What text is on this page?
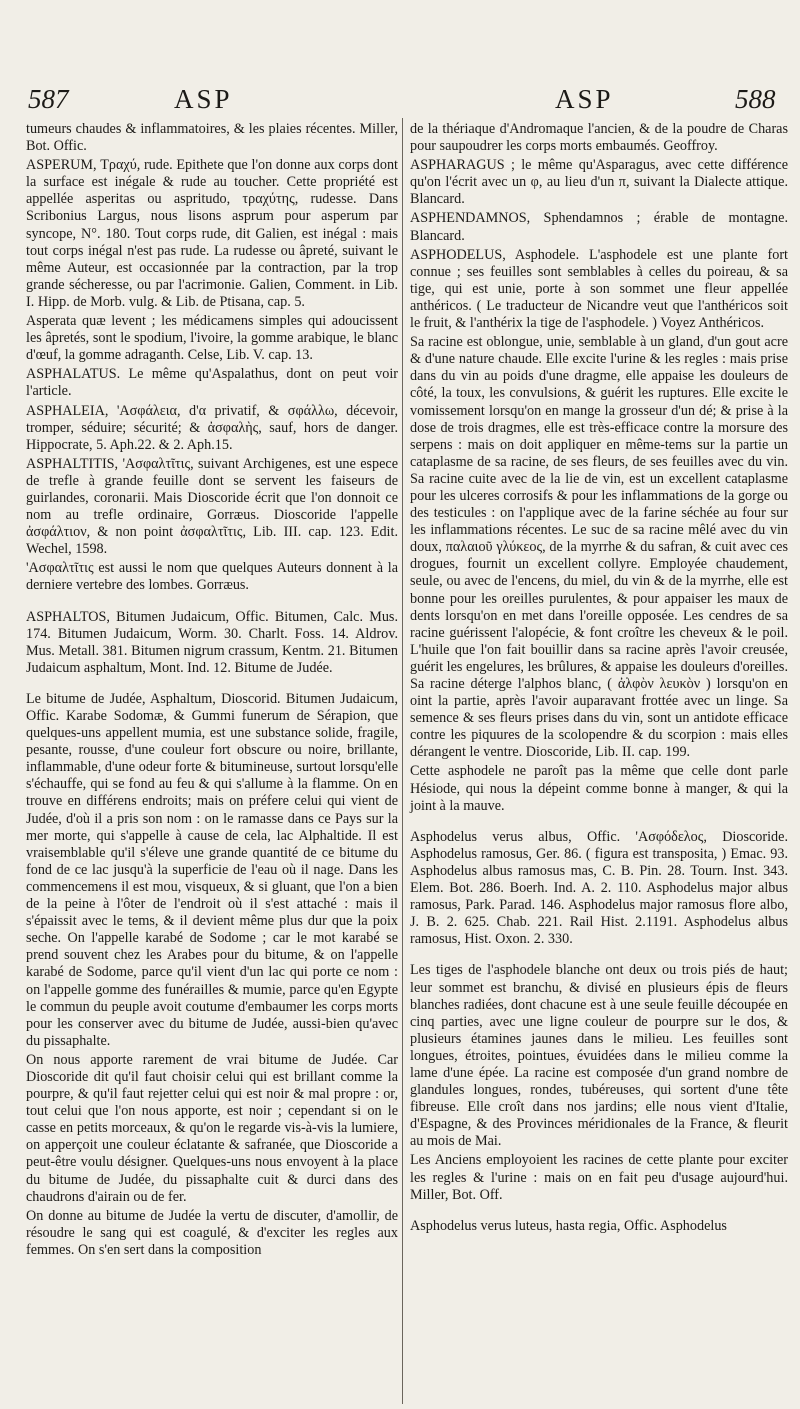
587	ASP	ASP	588

tumeurs chaudes & inflammatoires, & les plaies récentes. Miller, Bot. Offic.

ASPERUM, Τραχύ, rude. Epithete que l'on donne aux corps dont la surface est inégale & rude au toucher. Cette propriété est appellée asperitas ou aspritudo, τραχύτης, rudesse. Dans Scribonius Largus, nous lisons asprum pour asperum par syncope, N°. 180. Tout corps rude, dit Galien, est inégal : mais tout corps inégal n'est pas rude. La rudesse ou âpreté, suivant le même Auteur, est occasionnée par la contraction, par la trop grande sécheresse, ou par l'acrimonie. Galien, Comment. in Lib. I. Hipp. de Morb. vulg. & Lib. de Ptisana, cap. 5.

Asperata quæ levent ; les médicamens simples qui adoucissent les âpretés, sont le spodium, l'ivoire, la gomme arabique, le blanc d'œuf, la gomme adraganth. Celse, Lib. V. cap. 13.

ASPHALATUS. Le même qu'Aspalathus, dont on peut voir l'article.

ASPHALEIA, 'Ασφάλεια, d'α privatif, & σφάλλω, décevoir, tromper, séduire; sécurité; & ἀσφαλὴς, sauf, hors de danger. Hippocrate, 5. Aph.22. & 2. Aph.15.

ASPHALTITIS, 'Ασφαλτῖτις, suivant Archigenes, est une espece de trefle à grande feuille dont se servent les faiseurs de guirlandes, coronarii. Mais Dioscoride écrit que l'on donnoit ce nom au trefle ordinaire, Gorræus. Dioscoride l'appelle ἀσφάλτιον, & non point ἀσφαλτῖτις, Lib. III. cap. 123. Edit. Wechel, 1598.

'Ασφαλτῖτις est aussi le nom que quelques Auteurs donnent à la derniere vertebre des lombes. Gorræus.

ASPHALTOS, Bitumen Judaicum, Offic. Bitumen, Calc. Mus. 174. Bitumen Judaicum, Worm. 30. Charlt. Foss. 14. Aldrov. Mus. Metall. 381. Bitumen nigrum crassum, Kentm. 21. Bitumen Judaicum asphaltum, Mont. Ind. 12. Bitume de Judée.

Le bitume de Judée, Asphaltum, Dioscorid. Bitumen Judaicum, Offic. Karabe Sodomæ, & Gummi funerum de Sérapion, que quelques-uns appellent mumia, est une substance solide, fragile, pesante, rousse, d'une couleur fort obscure ou noire, brillante, inflammable, d'une odeur forte & bitumineuse, surtout lorsqu'elle s'échauffe, qui se fond au feu & qui s'allume à la flamme. On en trouve en différens endroits; mais on préfere celui qui vient de Judée, d'où il a pris son nom : on le ramasse dans ce Pays sur la mer morte, qui s'appelle à cause de cela, lac Alphaltide. Il est vraisemblable qu'il s'éleve une grande quantité de ce bitume du fond de ce lac jusqu'à la superficie de l'eau où il nage. Dans les commencemens il est mou, visqueux, & si gluant, que l'on a bien de la peine à l'ôter de l'endroit où il s'est attaché : mais il s'épaissit avec le tems, & il devient même plus dur que la poix seche. On l'appelle karabé de Sodome ; car le mot karabé se prend souvent chez les Arabes pour du bitume, & on l'appelle karabé de Sodome, parce qu'il vient d'un lac qui porte ce nom : on l'appelle gomme des funérailles & mumie, parce qu'en Egypte le commun du peuple avoit coutume d'embaumer les corps morts pour les conserver avec du bitume de Judée, aussi-bien qu'avec du pissaphalte.

On nous apporte rarement de vrai bitume de Judée. Car Dioscoride dit qu'il faut choisir celui qui est brillant comme la pourpre, & qu'il faut rejetter celui qui est noir & mal propre : or, tout celui que l'on nous apporte, est noir ; cependant si on le casse en petits morceaux, & qu'on le regarde vis-à-vis la lumiere, on apperçoit une couleur éclatante & safranée, que Dioscoride a peut-être voulu désigner. Quelques-uns nous envoyent à la place du bitume de Judée, du pissaphalte cuit & durci dans des chaudrons d'airain ou de fer.

On donne au bitume de Judée la vertu de discuter, d'amollir, de résoudre le sang qui est coagulé, & d'exciter les regles aux femmes. On s'en sert dans la composition

de la thériaque d'Andromaque l'ancien, & de la poudre de Charas pour saupoudrer les corps morts embaumés. Geoffroy.

ASPHARAGUS ; le même qu'Asparagus, avec cette différence qu'on l'écrit avec un φ, au lieu d'un π, suivant la Dialecte attique. Blancard.

ASPHENDAMNOS, Sphendamnos ; érable de montagne. Blancard.

ASPHODELUS, Asphodele. L'asphodele est une plante fort connue ; ses feuilles sont semblables à celles du poireau, & sa tige, qui est unie, porte à son sommet une fleur appellée anthéricos. ( Le traducteur de Nicandre veut que l'anthéricos soit le fruit, & l'anthérix la tige de l'asphodele. ) Voyez Anthéricos.

Sa racine est oblongue, unie, semblable à un gland, d'un gout acre & d'une nature chaude. Elle excite l'urine & les regles : mais prise dans du vin au poids d'une dragme, elle appaise les douleurs de côté, la toux, les convulsions, & guérit les ruptures. Elle excite le vomissement lorsqu'on en mange la grosseur d'un dé; & prise à la dose de trois dragmes, elle est très-efficace contre la morsure des serpens : mais on doit appliquer en même-tems sur la partie un cataplasme de sa racine, de ses fleurs, de ses feuilles avec du vin. Sa racine cuite avec de la lie de vin, est un excellent cataplasme pour les ulceres corrosifs & pour les inflammations de la gorge ou des testicules : on l'applique avec de la farine séchée au four sur les inflammations récentes. Le suc de sa racine mêlé avec du vin doux, παλαιοῦ γλύκεος, de la myrrhe & du safran, & cuit avec ces drogues, fournit un excellent collyre. Employée chaudement, seule, ou avec de l'encens, du miel, du vin & de la myrrhe, elle est bonne pour les oreilles purulentes, & pour appaiser les maux de dents lorsqu'on en met dans l'oreille opposée. Les cendres de sa racine guérissent l'alopécie, & font croître les cheveux & le poil. L'huile que l'on fait bouillir dans sa racine après l'avoir creusée, guérit les engelures, les brûlures, & appaise les douleurs d'oreilles. Sa racine déterge l'alphos blanc, ( ἀλφὸν λευκὸν ) lorsqu'on en oint la partie, après l'avoir auparavant frottée avec un linge. Sa semence & ses fleurs prises dans du vin, sont un antidote efficace contre les piquures de la scolopendre & du scorpion : mais elles dérangent le ventre. Dioscoride, Lib. II. cap. 199.

Cette asphodele ne paroît pas la même que celle dont parle Hésiode, qui nous la dépeint comme bonne à manger, & qui la joint à la mauve.

Asphodelus verus albus, Offic. 'Ασφόδελος, Dioscoride. Asphodelus ramosus, Ger. 86. ( figura est transposita, ) Emac. 93. Asphodelus albus ramosus mas, C. B. Pin. 28. Tourn. Inst. 343. Elem. Bot. 286. Boerh. Ind. A. 2. 110. Asphodelus major albus ramosus, Park. Parad. 146. Asphodelus major ramosus flore albo, J. B. 2. 625. Chab. 221. Rail Hist. 2.1191. Asphodelus albus ramosus, Hist. Oxon. 2. 330.

Les tiges de l'asphodele blanche ont deux ou trois piés de haut; leur sommet est branchu, & divisé en plusieurs épis de fleurs blanches radiées, dont chacune est à une seule feuille découpée en cinq parties, avec une ligne couleur de pourpre sur le dos, & plusieurs étamines jaunes dans le milieu. Les feuilles sont longues, étroites, pointues, évuidées dans le milieu comme la lame d'une épée. La racine est composée d'un grand nombre de glandules longues, rondes, tubéreuses, qui sortent d'une tête fibreuse. Elle croît dans nos jardins; elle nous vient d'Italie, d'Espagne, & des Provinces méridionales de la France, & fleurit au mois de Mai.

Les Anciens employoient les racines de cette plante pour exciter les regles & l'urine : mais on en fait peu d'usage aujourd'hui. Miller, Bot. Off.

Asphodelus verus luteus, hasta regia, Offic. Asphodelus
